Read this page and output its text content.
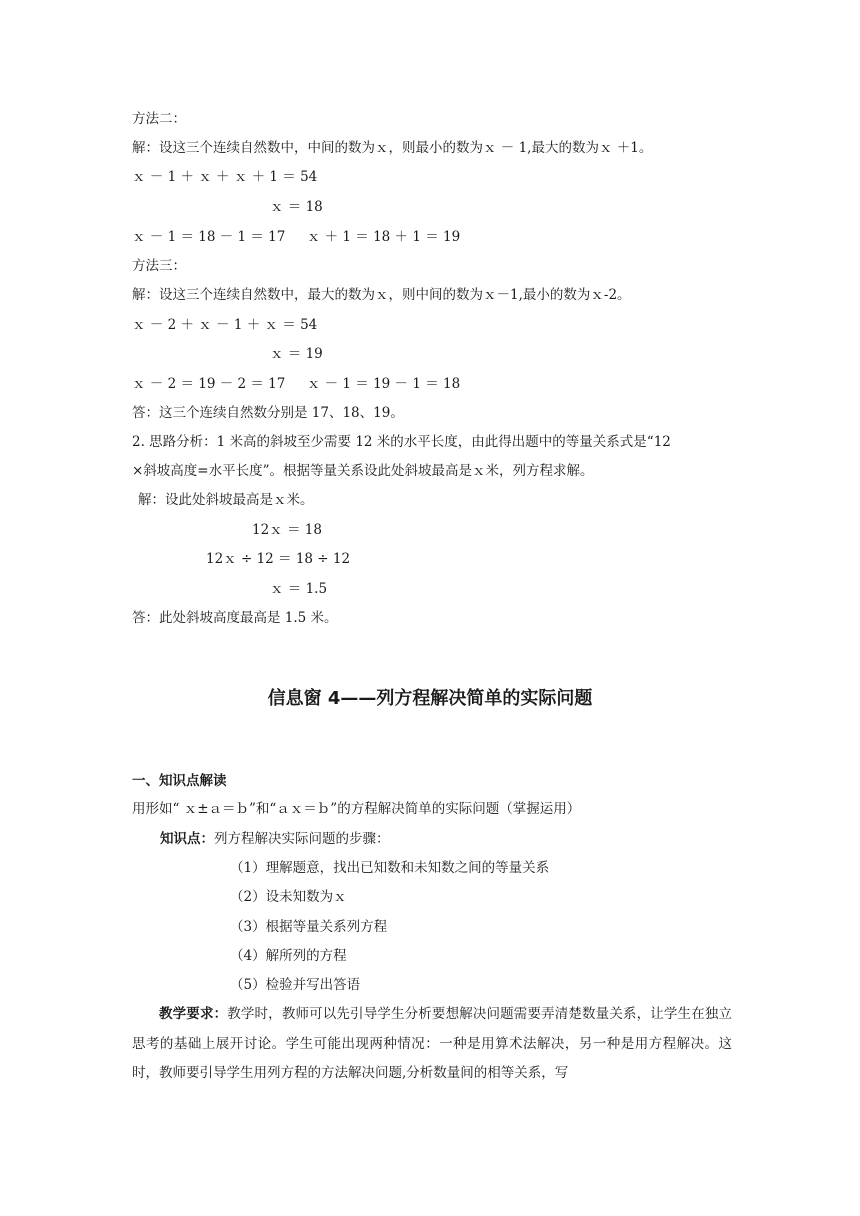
方法二：
解：设这三个连续自然数中，中间的数为ｘ，则最小的数为ｘ － 1,最大的数为ｘ ＋1。
ｘ － 1 ＋ ｘ ＋ ｘ ＋ 1 ＝ 54
ｘ ＝ 18
ｘ － 1 ＝ 18 － 1 ＝ 17     ｘ ＋ 1 ＝ 18 ＋ 1 ＝ 19
方法三：
解：设这三个连续自然数中，最大的数为ｘ，则中间的数为ｘ－1,最小的数为ｘ-2。
ｘ － 2 ＋ ｘ － 1 ＋ ｘ ＝ 54
ｘ ＝ 19
ｘ － 2 ＝ 19 － 2 ＝ 17     ｘ － 1 ＝ 19 － 1 ＝ 18
答：这三个连续自然数分别是 17、18、19。
2. 思路分析：1 米高的斜坡至少需要 12 米的水平长度，由此得出题中的等量关系式是“12
×斜坡高度=水平长度”。根据等量关系设此处斜坡最高是ｘ米，列方程求解。
解：设此处斜坡最高是ｘ米。
12ｘ ＝ 18
12ｘ ÷ 12 ＝ 18 ÷ 12
ｘ ＝ 1.5
答：此处斜坡高度最高是 1.5 米。
信息窗 4——列方程解决简单的实际问题
一、知识点解读
用形如“ ｘ±ａ＝ｂ”和“ａｘ＝ｂ”的方程解决简单的实际问题（掌握运用）
知识点：列方程解决实际问题的步骤：
（1）理解题意，找出已知数和未知数之间的等量关系
（2）设未知数为ｘ
（3）根据等量关系列方程
（4）解所列的方程
（5）检验并写出答语
教学要求：教学时，教师可以先引导学生分析要想解决问题需要弄清楚数量关系，让学生在独立思考的基础上展开讨论。学生可能出现两种情况：一种是用算术法解决，另一种是用方程解决。这时，教师要引导学生用列方程的方法解决问题,分析数量间的相等关系，写
